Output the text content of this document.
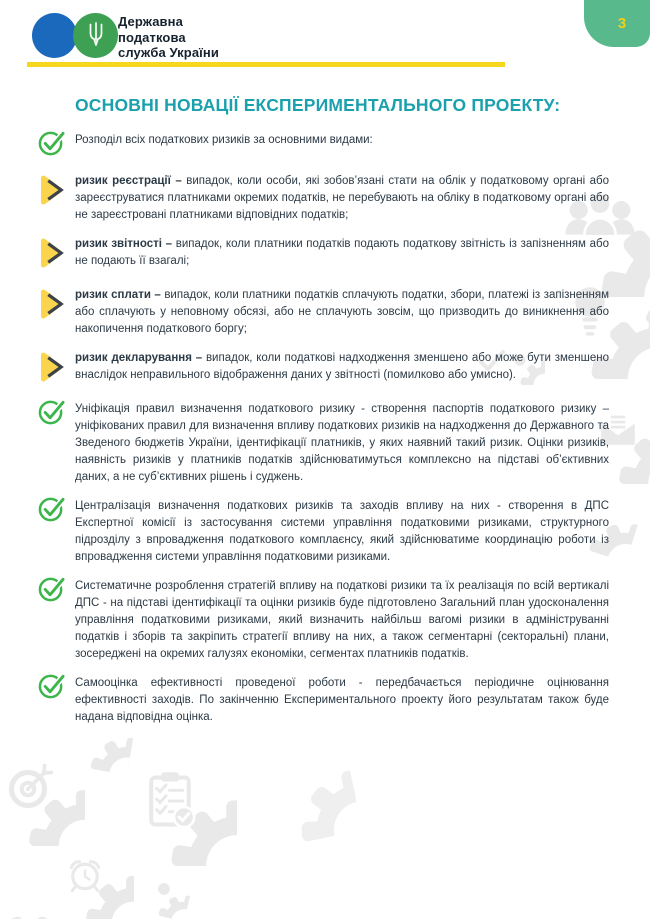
Державна
податкова
служба України
3
ОСНОВНІ НОВАЦІЇ ЕКСПЕРИМЕНТАЛЬНОГО ПРОЕКТУ:

Розподіл всіх податкових ризиків за основними видами:

ризик реєстрації – випадок, коли особи, які зобов’язані стати на облік у податковому органі або зареєструватися платниками окремих податків, не перебувають на обліку в податковому органі або не зареєстровані платниками відповідних податків;

ризик звітності – випадок, коли платники податків подають податкову звітність із запізненням або не подають її взагалі;

ризик сплати – випадок, коли платники податків сплачують податки, збори, платежі із запізненням або сплачують у неповному обсязі, або не сплачують зовсім, що призводить до виникнення або накопичення податкового боргу;

ризик декларування – випадок, коли податкові надходження зменшено або може бути зменшено внаслідок неправильного відображення даних у звітності (помилково або умисно).

Уніфікація правил визначення податкового ризику - створення паспортів податкового ризику – уніфікованих правил для визначення впливу податкових ризиків на надходження до Державного та Зведеного бюджетів України, ідентифікації платників, у яких наявний такий ризик. Оцінки ризиків, наявність ризиків у платників податків здійснюватимуться комплексно на підставі об’єктивних даних, а не суб’єктивних рішень і суджень.

Централізація визначення податкових ризиків та заходів впливу на них - створення в ДПС Експертної комісії із застосування системи управління податковими ризиками, структурного підрозділу з впровадження податкового комплаєнсу, який здійснюватиме координацію роботи із впровадження системи управління податковими ризиками.

Систематичне розроблення стратегій впливу на податкові ризики та їх реалізація по всій вертикалі ДПС - на підставі ідентифікації та оцінки ризиків буде підготовлено Загальний план удосконалення управління податковими ризиками, який визначить найбільш вагомі ризики в адмініструванні податків і зборів та закріпить стратегії впливу на них, а також сегментарні (секторальні) плани, зосереджені на окремих галузях економіки, сегментах платників податків.

Самооцінка ефективності проведеної роботи - передбачається періодичне оцінювання ефективності заходів. По закінченню Експериментального проекту його результатам також буде надана відповідна оцінка.
